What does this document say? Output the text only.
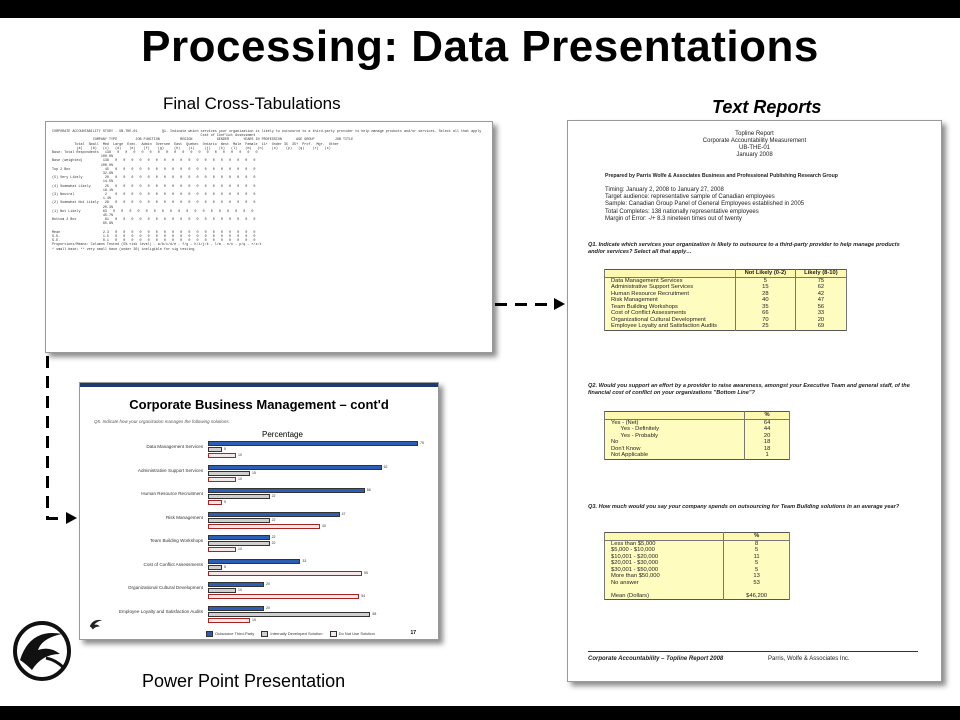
Processing: Data Presentations
Final Cross-Tabulations	Text Reports
CORPORATE ACCOUNTABILITY STUDY - UB-THE-01            Q1. Indicate which services your organization is likely to outsource to a third-party provider to help manage products and/or services. Select all that apply
Cost of Conflict Assessment
COMPANY TYPE         JOB FUNCTION          REGION            GENDER       YEARS IN PROFESSION       AGE GROUP          JOB TITLE
Total  Small  Med  Large  Exec.  Admin  Oversee  East  Quebec  Ontario  West  Male  Female  11+  Under 35  35+  Prof.  Mgr.  Other
(a)    (b)   (c)   (d)    (e)    (f)    (g)     (h)    (i)     (j)    (k)   (l)    (m)   (n)    (o)    (p)   (q)    (r)   (s)
Base: Total Respondents   138   0   0   0   0   0   0   0   0   0   0   0   0   0   0   0   0   0   0
100.0%
Base (weighted)          138   0   0   0   0   0   0   0   0   0   0   0   0   0   0   0   0   0   0
100.0%
Top 2 Box                 45   0   0   0   0   0   0   0   0   0   0   0   0   0   0   0   0   0   0
32.6%
(5) Very Likely           20   0   0   0   0   0   0   0   0   0   0   0   0   0   0   0   0   0   0
14.5%
(4) Somewhat Likely       25   0   0   0   0   0   0   0   0   0   0   0   0   0   0   0   0   0   0
18.1%
(3) Neutral               2    0   0   0   0   0   0   0   0   0   0   0   0   0   0   0   0   0   0
1.4%
(2) Somewhat Not Likely   28   0   0   0   0   0   0   0   0   0   0   0   0   0   0   0   0   0   0
20.3%
(1) Not Likely           63   0   0   0   0   0   0   0   0   0   0   0   0   0   0   0   0   0   0
45.7%
Bottom 2 Box              91   0   0   0   0   0   0   0   0   0   0   0   0   0   0   0   0   0   0
65.9%

Mean                     2.3   0   0   0   0   0   0   0   0   0   0   0   0   0   0   0   0   0   0
S.D.                     1.5   0   0   0   0   0   0   0   0   0   0   0   0   0   0   0   0   0   0
S.E.                     0.1   0   0   0   0   0   0   0   0   0   0   0   0   0   0   0   0   0   0
Proportions/Means: Columns Tested (5% risk level) - a/b/c/d/e - f/g - h/i/j/k - l/m - n/o - p/q - r/s/t
* small base; ** very small base (under 30) ineligible for sig testing
Corporate Business Management – cont'd
Q5. Indicate how your organization manages the following solutions.
Percentage
Data Management Services
75
5
10
Administrative Support Services
62
15
10
Human Resource Recruitment
56
22
5
Risk Management
47
22
40
Team Building Workshops
22
22
10
Cost of Conflict Assessments
33
5
55
Organizational Cultural Development
20
10
54
Employee Loyalty and Satisfaction Audits
20
58
15
Outsource Third-Party	Internally Developed Solution	Do Not Use Solution	17
Power Point Presentation
Topline Report
Corporate Accountability Measurement
UB-THE-01
January 2008
Prepared by Parris Wolfe & Associates Business and Professional Publishing Research Group
Timing: January 2, 2008 to January 27, 2008
Target audience: representative sample of Canadian employees
Sample: Canadian Group Panel of General Employees established in 2005
Total Completes: 138 nationally representative employees
Margin of Error: -/+ 8.3 nineteen times out of twenty
Q1. Indicate which services your organization is likely to outsource to a third-party provider to help manage products and/or services? Select all that apply…
	Not Likely (0-2)	Likely (8-10)
Data Management Services	5	75
Administrative Support Services	15	62
Human Resource Recruitment	28	42
Risk Management	40	47
Team Building Workshops	35	56
Cost of Conflict Assessments	66	33
Organizational Cultural Development	70	20
Employee Loyalty and Satisfaction Audits	25	69
Q2. Would you support an effort by a provider to raise awareness, amongst your Executive Team and general staff, of the financial cost of conflict on your organizations "Bottom Line"?
	%
Yes - (Net)	64
Yes - Definitely	44
Yes - Probably	20
No	18
Don't Know	18
Not Applicable	1
Q3. How much would you say your company spends on outsourcing for Team Building solutions in an average year?
	%
Less than $5,000	8
$5,000 - $10,000	5
$10,001 - $20,000	11
$20,001 - $30,000	5
$30,001 - $50,000	5
More than $50,000	13
No answer	53

Mean (Dollars)	$46,200
Corporate Accountability – Topline Report 2008	Parris, Wolfe & Associates Inc.
